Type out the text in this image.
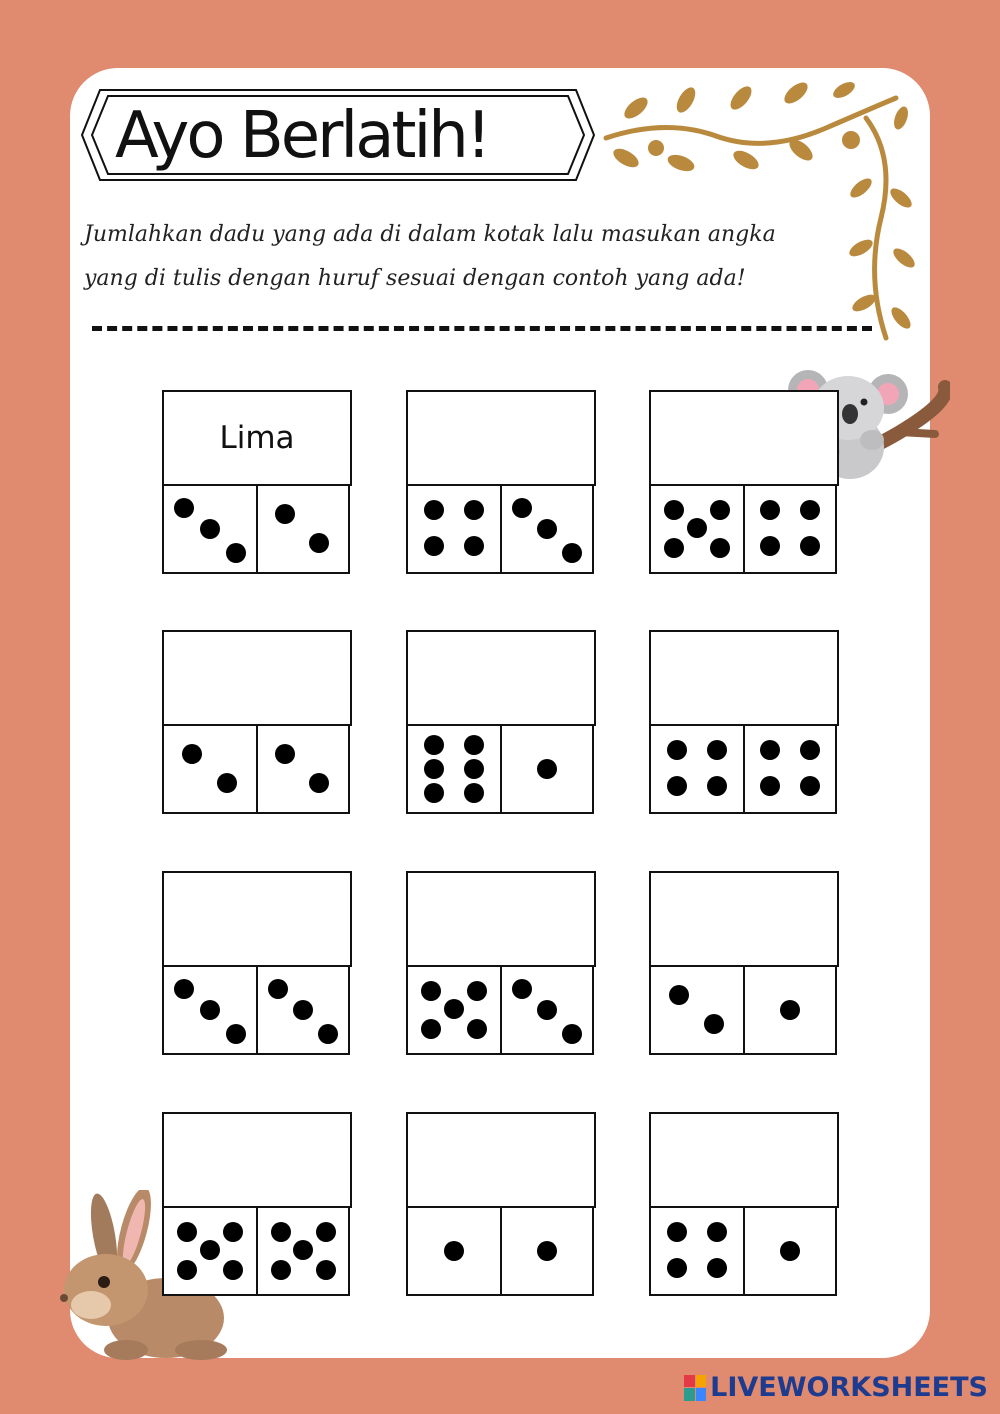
Ayo Berlatih!
Jumlahkan dadu yang ada di dalam kotak lalu masukan angka
yang di tulis dengan huruf sesuai dengan contoh yang ada!
Lima
LIVEWORKSHEETS
